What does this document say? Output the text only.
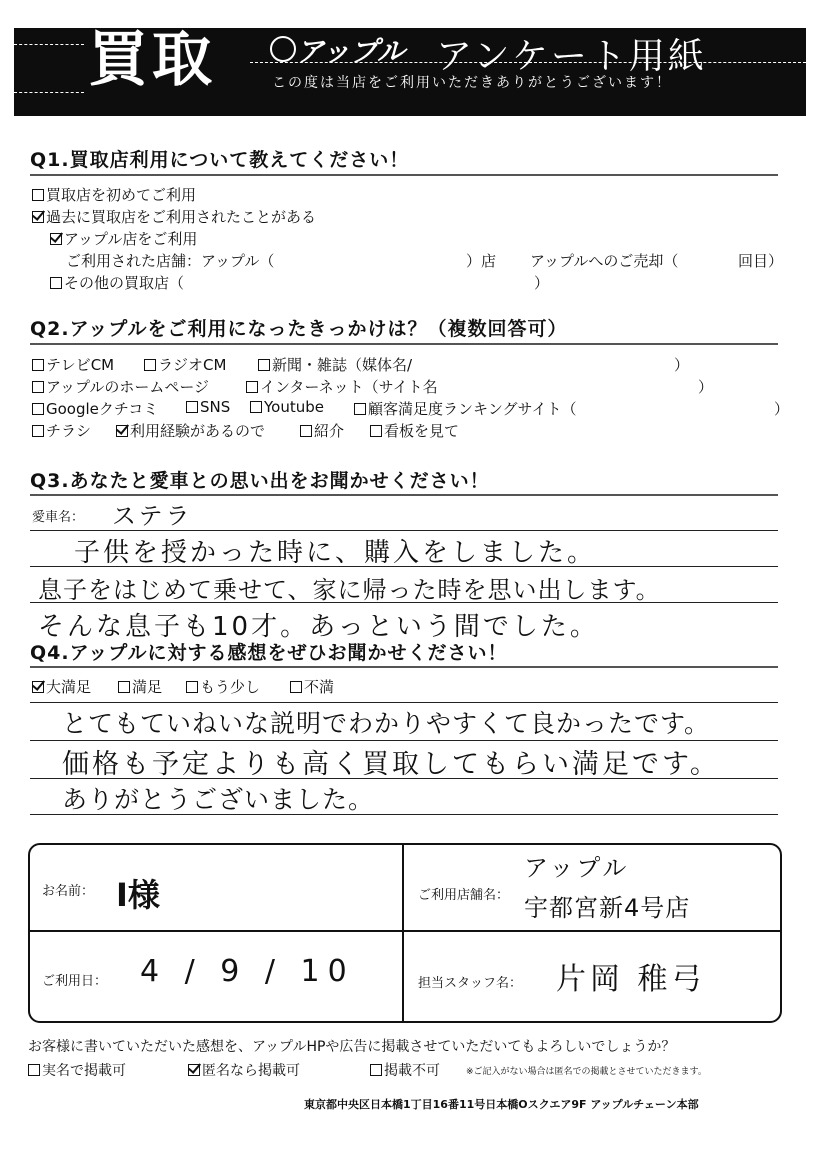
買取	アップル アンケート用紙
この度は当店をご利用いただきありがとうございます！
Q1.買取店利用について教えてください！
買取店を初めてご利用
過去に買取店をご利用されたことがある
アップル店をご利用
ご利用された店舗：アップル（	）店 アップルへのご売却（	回目）
その他の買取店（	）
Q2.アップルをご利用になったきっかけは？（複数回答可）
テレビCM	ラジオCM	新聞・雑誌（媒体名/	）
アップルのホームページ	インターネット（サイト名	）
Googleクチコミ	SNS	Youtube	顧客満足度ランキングサイト（	）
チラシ	利用経験があるので	紹介	看板を見て
Q3.あなたと愛車との思い出をお聞かせください！
愛車名： ステラ
子供を授かった時に、購入をしました。
息子をはじめて乗せて、家に帰った時を思い出します。
そんな息子も10才。あっという間でした。
Q4.アップルに対する感想をぜひお聞かせください！
大満足	満足	もう少し	不満
とてもていねいな説明でわかりやすくて良かったです。
価格も予定よりも高く買取してもらい満足です。
ありがとうございました。
お名前： I様	ご利用店舗名：
アップル
宇都宮新4号店
ご利用日： 4 / 9 / 10	担当スタッフ名： 片岡 稚弓
お客様に書いていただいた感想を、アップルHPや広告に掲載させていただいてもよろしいでしょうか？
実名で掲載可	匿名なら掲載可	掲載不可	※ご記入がない場合は匿名での掲載とさせていただきます。
東京都中央区日本橋1丁目16番11号日本橋Oスクエア9F アップルチェーン本部
